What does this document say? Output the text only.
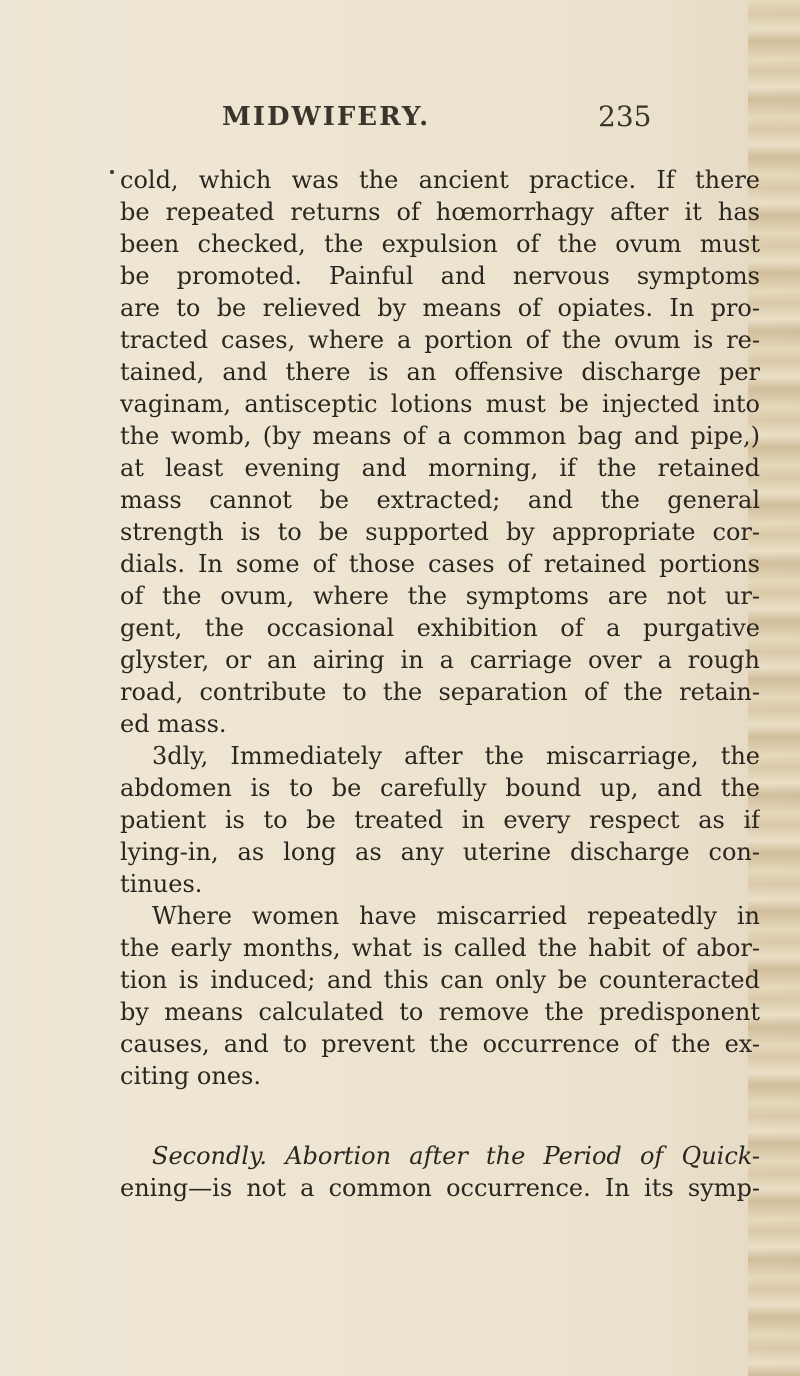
MIDWIFERY.	235
cold, which was the ancient practice. If there
be repeated returns of hœmorrhagy after it has
been checked, the expulsion of the ovum must
be promoted. Painful and nervous symptoms
are to be relieved by means of opiates. In pro-
tracted cases, where a portion of the ovum is re-
tained, and there is an offensive discharge per
vaginam, antisceptic lotions must be injected into
the womb, (by means of a common bag and pipe,)
at least evening and morning, if the retained
mass cannot be extracted; and the general
strength is to be supported by appropriate cor-
dials. In some of those cases of retained portions
of the ovum, where the symptoms are not ur-
gent, the occasional exhibition of a purgative
glyster, or an airing in a carriage over a rough
road, contribute to the separation of the retain-
ed mass.
3dly, Immediately after the miscarriage, the
abdomen is to be carefully bound up, and the
patient is to be treated in every respect as if
lying-in, as long as any uterine discharge con-
tinues.
Where women have miscarried repeatedly in
the early months, what is called the habit of abor-
tion is induced; and this can only be counteracted
by means calculated to remove the predisponent
causes, and to prevent the occurrence of the ex-
citing ones.
Secondly. Abortion after the Period of Quick-
ening—is not a common occurrence. In its symp-
